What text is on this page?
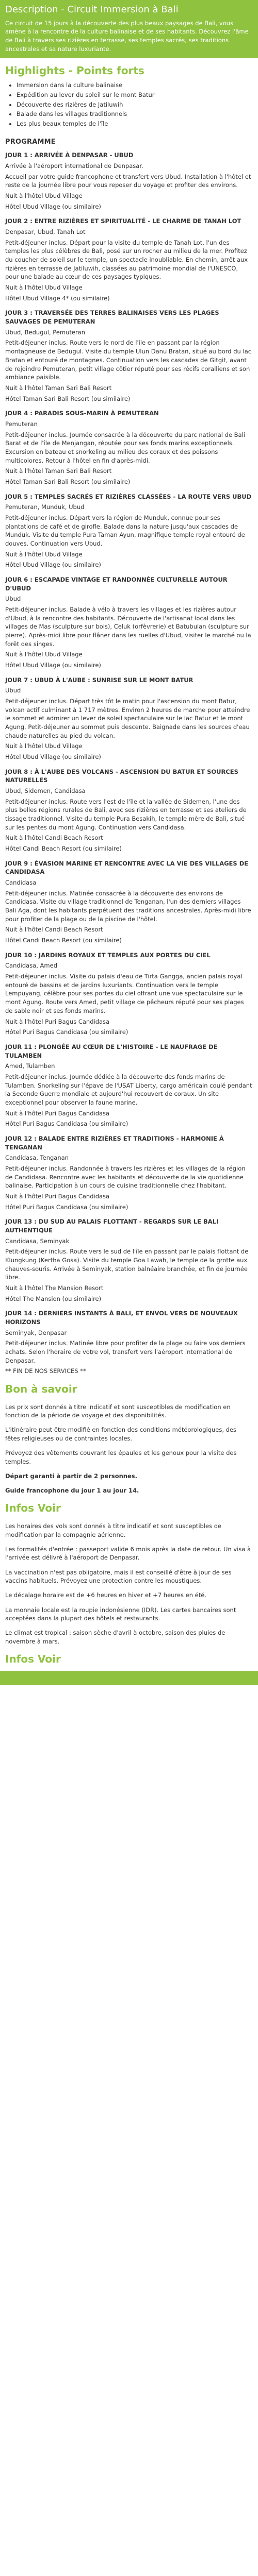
Description - Circuit Immersion à Bali
Ce circuit de 15 jours à la découverte des plus beaux paysages de Bali, vous amène à la rencontre de la culture balinaise et de ses habitants. Découvrez l'âme de Bali à travers ses rizières en terrasse, ses temples sacrés, ses traditions ancestrales et sa nature luxuriante.
Highlights - Points forts
• Immersion dans la culture balinaise
• Expédition au lever du soleil sur le mont Batur
• Découverte des rizières de Jatiluwih
• Balade dans les villages traditionnels
• Les plus beaux temples de l'île
PROGRAMME
JOUR 1 : ARRIVÉE À DENPASAR - UBUD

Arrivée à l'aéroport international de Denpasar.

Accueil par votre guide francophone et transfert vers Ubud. Installation à l'hôtel et reste de la journée libre pour vous reposer du voyage et profiter des environs.

Nuit à l'hôtel Ubud Village

Hôtel Ubud Village (ou similaire)

JOUR 2 : ENTRE RIZIÈRES ET SPIRITUALITÉ - LE CHARME DE TANAH LOT

Denpasar, Ubud, Tanah Lot

Petit-déjeuner inclus. Départ pour la visite du temple de Tanah Lot, l'un des temples les plus célèbres de Bali, posé sur un rocher au milieu de la mer. Profitez du coucher de soleil sur le temple, un spectacle inoubliable. En chemin, arrêt aux rizières en terrasse de Jatiluwih, classées au patrimoine mondial de l'UNESCO, pour une balade au cœur de ces paysages typiques.

Nuit à l'hôtel Ubud Village

Hôtel Ubud Village 4* (ou similaire)

JOUR 3 : TRAVERSÉE DES TERRES BALINAISES VERS LES PLAGES SAUVAGES DE PEMUTERAN

Ubud, Bedugul, Pemuteran

Petit-déjeuner inclus. Route vers le nord de l'île en passant par la région montagneuse de Bedugul. Visite du temple Ulun Danu Bratan, situé au bord du lac Bratan et entouré de montagnes. Continuation vers les cascades de Gitgit, avant de rejoindre Pemuteran, petit village côtier réputé pour ses récifs coralliens et son ambiance paisible.

Nuit à l'hôtel Taman Sari Bali Resort

Hôtel Taman Sari Bali Resort (ou similaire)

JOUR 4 : PARADIS SOUS-MARIN À PEMUTERAN

Pemuteran

Petit-déjeuner inclus. Journée consacrée à la découverte du parc national de Bali Barat et de l'île de Menjangan, réputée pour ses fonds marins exceptionnels. Excursion en bateau et snorkeling au milieu des coraux et des poissons multicolores. Retour à l'hôtel en fin d'après-midi.

Nuit à l'hôtel Taman Sari Bali Resort

Hôtel Taman Sari Bali Resort (ou similaire)

JOUR 5 : TEMPLES SACRÉS ET RIZIÈRES CLASSÉES - LA ROUTE VERS UBUD

Pemuteran, Munduk, Ubud

Petit-déjeuner inclus. Départ vers la région de Munduk, connue pour ses plantations de café et de girofle. Balade dans la nature jusqu'aux cascades de Munduk. Visite du temple Pura Taman Ayun, magnifique temple royal entouré de douves. Continuation vers Ubud.

Nuit à l'hôtel Ubud Village

Hôtel Ubud Village (ou similaire)

JOUR 6 : ESCAPADE VINTAGE ET RANDONNÉE CULTURELLE AUTOUR D'UBUD

Ubud

Petit-déjeuner inclus. Balade à vélo à travers les villages et les rizières autour d'Ubud, à la rencontre des habitants. Découverte de l'artisanat local dans les villages de Mas (sculpture sur bois), Celuk (orfèvrerie) et Batubulan (sculpture sur pierre). Après-midi libre pour flâner dans les ruelles d'Ubud, visiter le marché ou la forêt des singes.

Nuit à l'hôtel Ubud Village

Hôtel Ubud Village (ou similaire)

JOUR 7 : UBUD À L'AUBE : SUNRISE SUR LE MONT BATUR

Ubud

Petit-déjeuner inclus. Départ très tôt le matin pour l'ascension du mont Batur, volcan actif culminant à 1 717 mètres. Environ 2 heures de marche pour atteindre le sommet et admirer un lever de soleil spectaculaire sur le lac Batur et le mont Agung. Petit-déjeuner au sommet puis descente. Baignade dans les sources d'eau chaude naturelles au pied du volcan.

Nuit à l'hôtel Ubud Village

Hôtel Ubud Village (ou similaire)

JOUR 8 : À L'AUBE DES VOLCANS - ASCENSION DU BATUR ET SOURCES NATURELLES

Ubud, Sidemen, Candidasa

Petit-déjeuner inclus. Route vers l'est de l'île et la vallée de Sidemen, l'une des plus belles régions rurales de Bali, avec ses rizières en terrasse et ses ateliers de tissage traditionnel. Visite du temple Pura Besakih, le temple mère de Bali, situé sur les pentes du mont Agung. Continuation vers Candidasa.

Nuit à l'hôtel Candi Beach Resort

Hôtel Candi Beach Resort (ou similaire)

JOUR 9 : ÉVASION MARINE ET RENCONTRE AVEC LA VIE DES VILLAGES DE CANDIDASA

Candidasa

Petit-déjeuner inclus. Matinée consacrée à la découverte des environs de Candidasa. Visite du village traditionnel de Tenganan, l'un des derniers villages Bali Aga, dont les habitants perpétuent des traditions ancestrales. Après-midi libre pour profiter de la plage ou de la piscine de l'hôtel.

Nuit à l'hôtel Candi Beach Resort

Hôtel Candi Beach Resort (ou similaire)

JOUR 10 : JARDINS ROYAUX ET TEMPLES AUX PORTES DU CIEL

Candidasa, Amed

Petit-déjeuner inclus. Visite du palais d'eau de Tirta Gangga, ancien palais royal entouré de bassins et de jardins luxuriants. Continuation vers le temple Lempuyang, célèbre pour ses portes du ciel offrant une vue spectaculaire sur le mont Agung. Route vers Amed, petit village de pêcheurs réputé pour ses plages de sable noir et ses fonds marins.

Nuit à l'hôtel Puri Bagus Candidasa

Hôtel Puri Bagus Candidasa (ou similaire)

JOUR 11 : PLONGÉE AU CŒUR DE L'HISTOIRE - LE NAUFRAGE DE TULAMBEN

Amed, Tulamben

Petit-déjeuner inclus. Journée dédiée à la découverte des fonds marins de Tulamben. Snorkeling sur l'épave de l'USAT Liberty, cargo américain coulé pendant la Seconde Guerre mondiale et aujourd'hui recouvert de coraux. Un site exceptionnel pour observer la faune marine.

Nuit à l'hôtel Puri Bagus Candidasa

Hôtel Puri Bagus Candidasa (ou similaire)

JOUR 12 : BALADE ENTRE RIZIÈRES ET TRADITIONS - HARMONIE À TENGANAN

Candidasa, Tenganan

Petit-déjeuner inclus. Randonnée à travers les rizières et les villages de la région de Candidasa. Rencontre avec les habitants et découverte de la vie quotidienne balinaise. Participation à un cours de cuisine traditionnelle chez l'habitant.

Nuit à l'hôtel Puri Bagus Candidasa

Hôtel Puri Bagus Candidasa (ou similaire)

JOUR 13 : DU SUD AU PALAIS FLOTTANT - REGARDS SUR LE BALI AUTHENTIQUE

Candidasa, Seminyak

Petit-déjeuner inclus. Route vers le sud de l'île en passant par le palais flottant de Klungkung (Kertha Gosa). Visite du temple Goa Lawah, le temple de la grotte aux chauves-souris. Arrivée à Seminyak, station balnéaire branchée, et fin de journée libre.

Nuit à l'hôtel The Mansion Resort

Hôtel The Mansion (ou similaire)

JOUR 14 : DERNIERS INSTANTS À BALI, ET ENVOL VERS DE NOUVEAUX HORIZONS

Seminyak, Denpasar

Petit-déjeuner inclus. Matinée libre pour profiter de la plage ou faire vos derniers achats. Selon l'horaire de votre vol, transfert vers l'aéroport international de Denpasar.

** FIN DE NOS SERVICES **

Bon à savoir

Les prix sont donnés à titre indicatif et sont susceptibles de modification en fonction de la période de voyage et des disponibilités.

L'itinéraire peut être modifié en fonction des conditions météorologiques, des fêtes religieuses ou de contraintes locales.

Prévoyez des vêtements couvrant les épaules et les genoux pour la visite des temples.

Départ garanti à partir de 2 personnes.

Guide francophone du jour 1 au jour 14.

Infos Voir

Les horaires des vols sont donnés à titre indicatif et sont susceptibles de modification par la compagnie aérienne.

Les formalités d'entrée : passeport valide 6 mois après la date de retour. Un visa à l'arrivée est délivré à l'aéroport de Denpasar.

La vaccination n'est pas obligatoire, mais il est conseillé d'être à jour de ses vaccins habituels. Prévoyez une protection contre les moustiques.

Le décalage horaire est de +6 heures en hiver et +7 heures en été.

La monnaie locale est la roupie indonésienne (IDR). Les cartes bancaires sont acceptées dans la plupart des hôtels et restaurants.

Le climat est tropical : saison sèche d'avril à octobre, saison des pluies de novembre à mars.

Infos Voir
